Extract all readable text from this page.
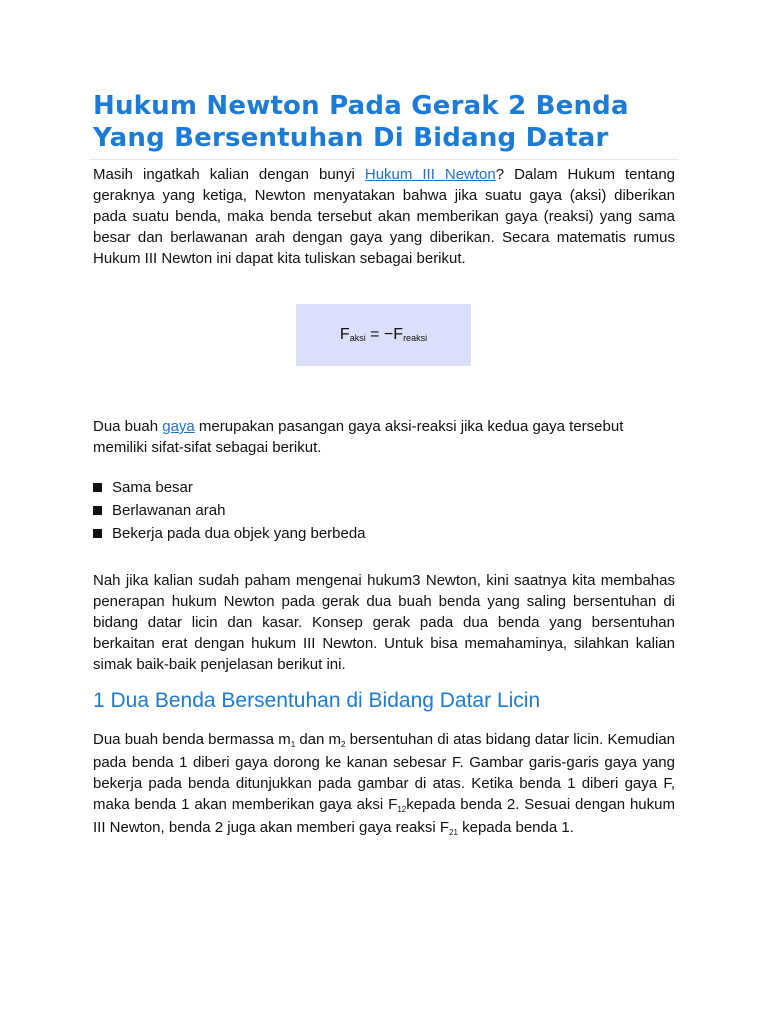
Hukum Newton Pada Gerak 2 Benda Yang Bersentuhan Di Bidang Datar

Masih ingatkah kalian dengan bunyi Hukum III Newton? Dalam Hukum tentang geraknya yang ketiga, Newton menyatakan bahwa jika suatu gaya (aksi) diberikan pada suatu benda, maka benda tersebut akan memberikan gaya (reaksi) yang sama besar dan berlawanan arah dengan gaya yang diberikan. Secara matematis rumus Hukum III Newton ini dapat kita tuliskan sebagai berikut.

F aksi = −F reaksi

Dua buah gaya merupakan pasangan gaya aksi-reaksi jika kedua gaya tersebut memiliki sifat-sifat sebagai berikut.

Sama besar
Berlawanan arah
Bekerja pada dua objek yang berbeda

Nah jika kalian sudah paham mengenai hukum3 Newton, kini saatnya kita membahas penerapan hukum Newton pada gerak dua buah benda yang saling bersentuhan di bidang datar licin dan kasar. Konsep gerak pada dua benda yang bersentuhan berkaitan erat dengan hukum III Newton. Untuk bisa memahaminya, silahkan kalian simak baik-baik penjelasan berikut ini.

1 Dua Benda Bersentuhan di Bidang Datar Licin

Dua buah benda bermassa $m_1$ dan $m_2$ bersentuhan di atas bidang datar licin. Kemudian pada benda 1 diberi gaya dorong ke kanan sebesar F. Gambar garis-garis gaya yang bekerja pada benda ditunjukkan pada gambar di atas. Ketika benda 1 diberi gaya F, maka benda 1 akan memberikan gaya aksi $F_{12}kepada$ benda 2. Sesuai dengan hukum III Newton, benda 2 juga akan memberi gaya reaksi $F_{21}$ kepada benda 1.
